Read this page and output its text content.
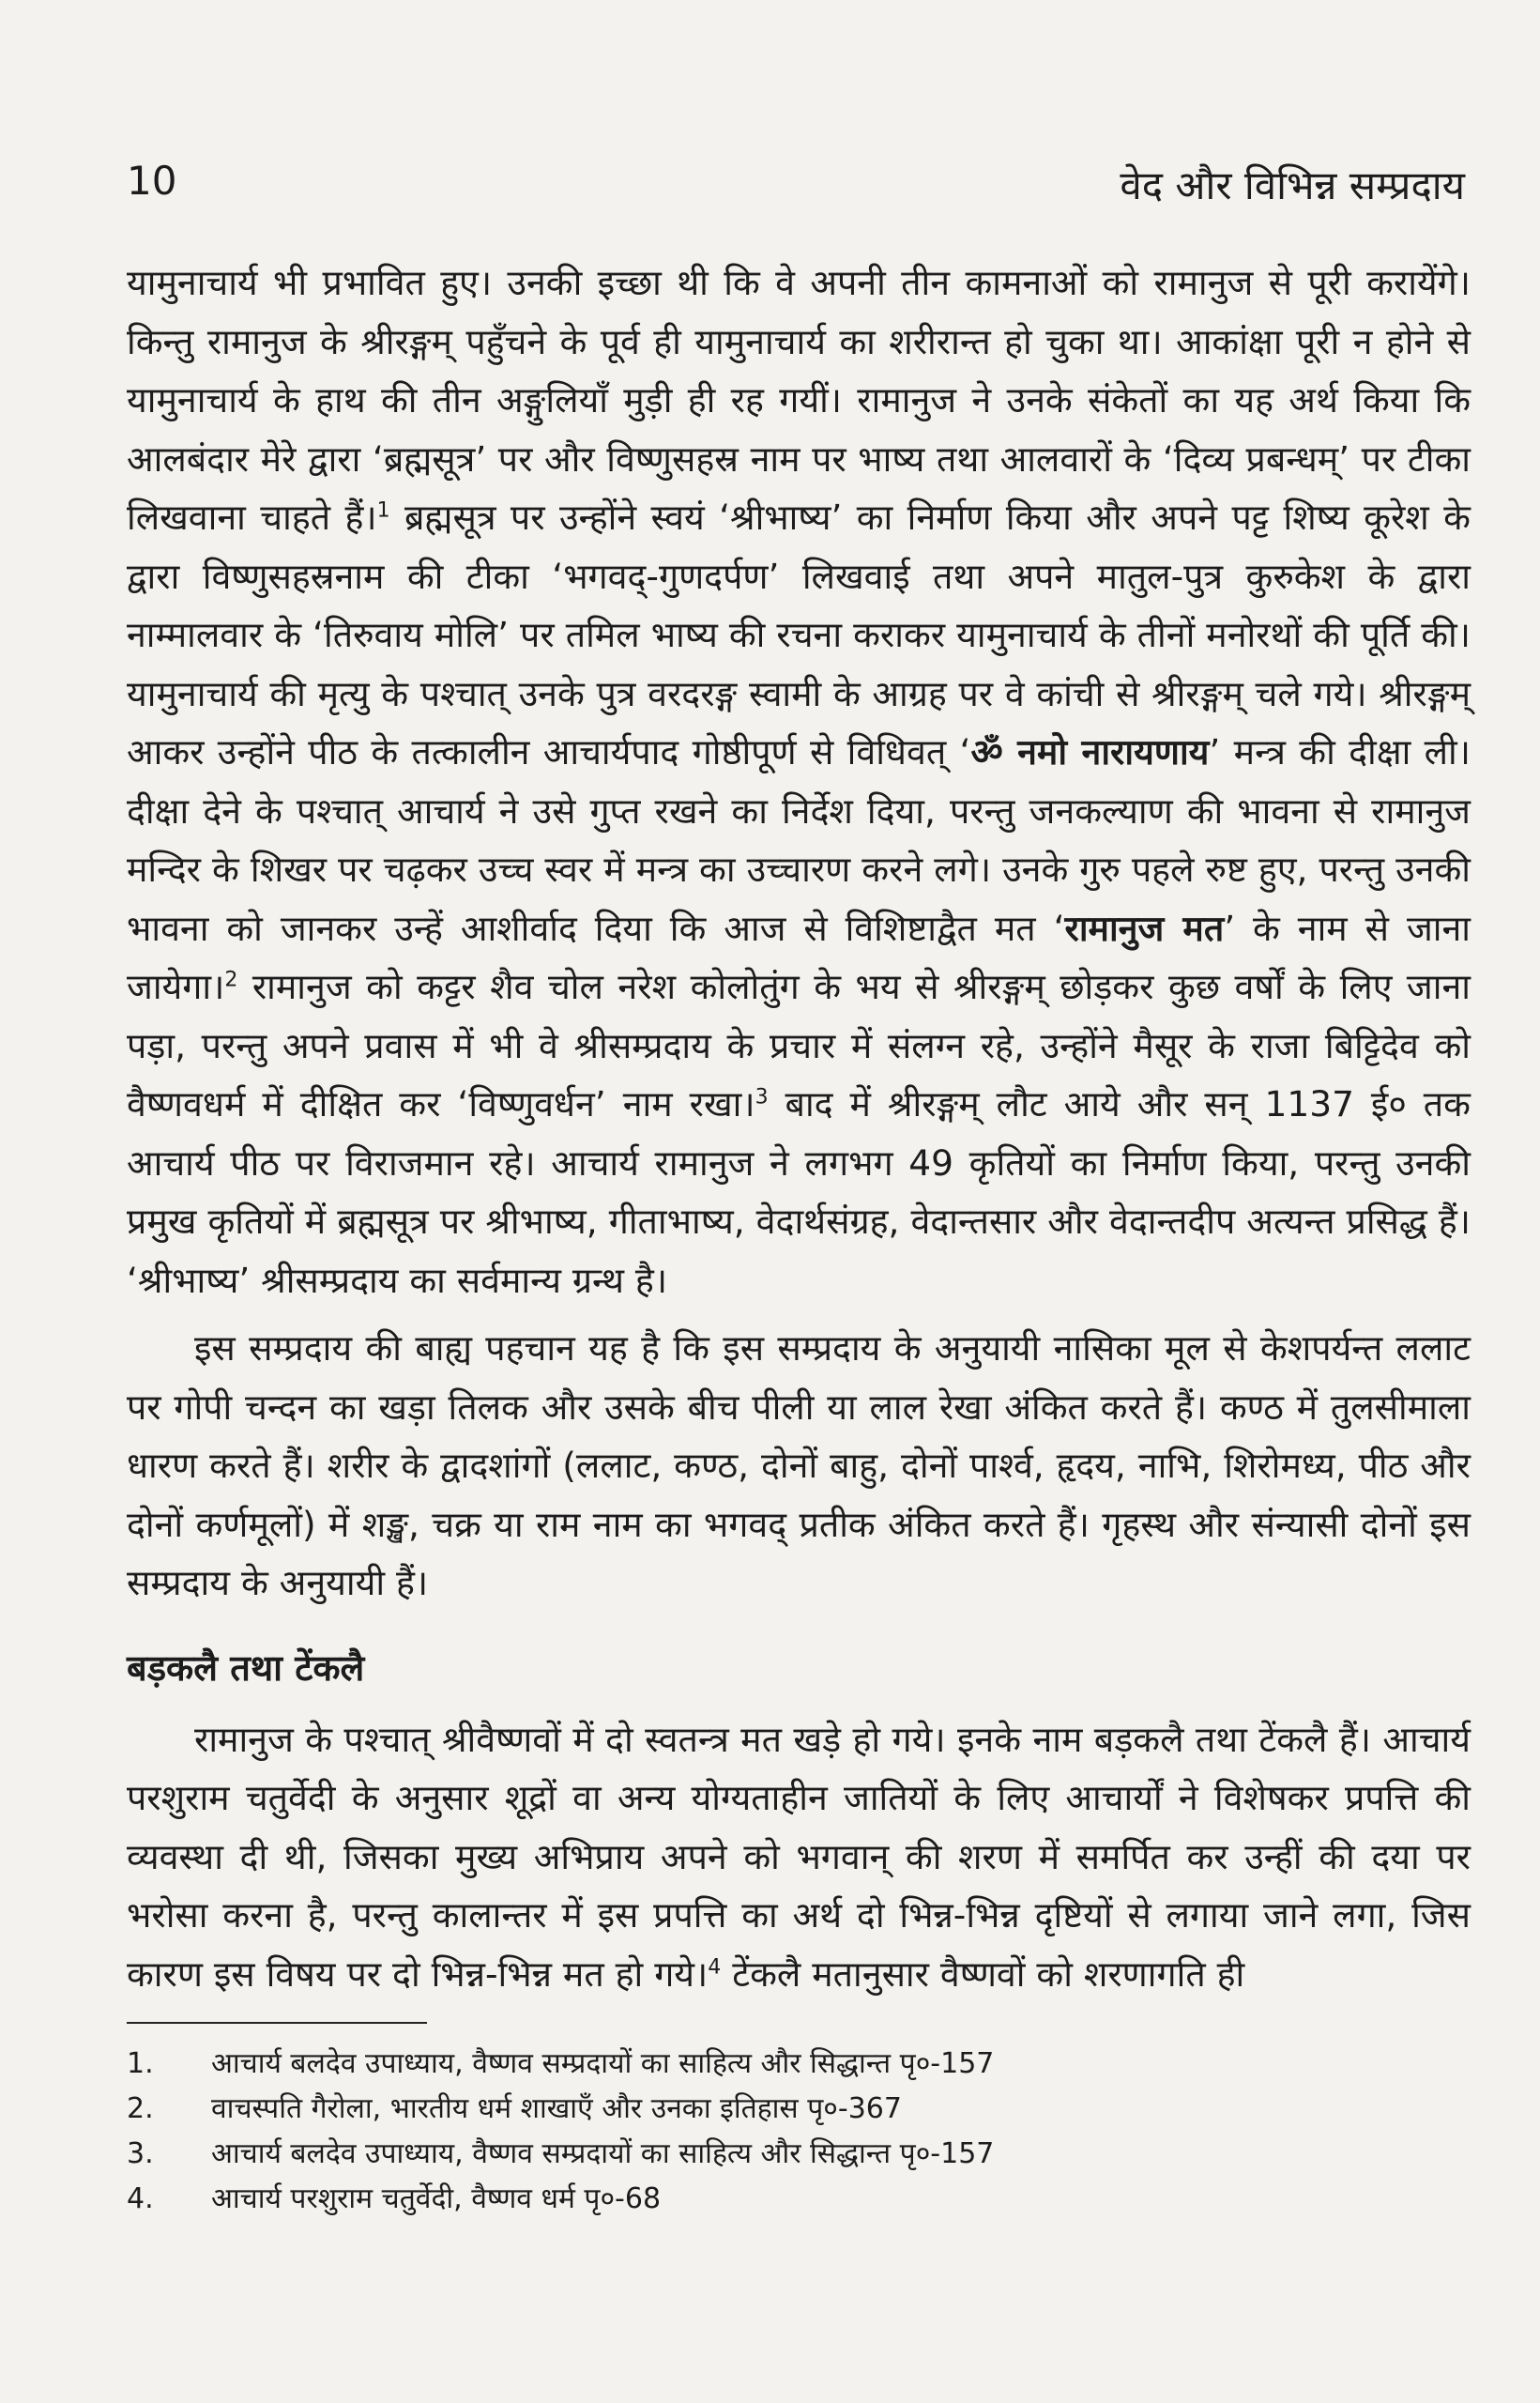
10	वेद और विभिन्न सम्प्रदाय

यामुनाचार्य भी प्रभावित हुए। उनकी इच्छा थी कि वे अपनी तीन कामनाओं को रामानुज से पूरी करायेंगे। किन्तु रामानुज के श्रीरङ्गम् पहुँचने के पूर्व ही यामुनाचार्य का शरीरान्त हो चुका था। आकांक्षा पूरी न होने से यामुनाचार्य के हाथ की तीन अङ्गुलियाँ मुड़ी ही रह गयीं। रामानुज ने उनके संकेतों का यह अर्थ किया कि आलबंदार मेरे द्वारा ‘ब्रह्मसूत्र’ पर और विष्णुसहस्र नाम पर भाष्य तथा आलवारों के ‘दिव्य प्रबन्धम्’ पर टीका लिखवाना चाहते हैं।$^1$ ब्रह्मसूत्र पर उन्होंने स्वयं ‘श्रीभाष्य’ का निर्माण किया और अपने पट्ट शिष्य कूरेश के द्वारा विष्णुसहस्रनाम की टीका ‘भगवद्-गुणदर्पण’ लिखवाई तथा अपने मातुल-पुत्र कुरुकेश के द्वारा नाम्मालवार के ‘तिरुवाय मोलि’ पर तमिल भाष्य की रचना कराकर यामुनाचार्य के तीनों मनोरथों की पूर्ति की। यामुनाचार्य की मृत्यु के पश्चात् उनके पुत्र वरदरङ्ग स्वामी के आग्रह पर वे कांची से श्रीरङ्गम् चले गये। श्रीरङ्गम् आकर उन्होंने पीठ के तत्कालीन आचार्यपाद गोष्ठीपूर्ण से विधिवत् ‘ॐ नमो नारायणाय’ मन्त्र की दीक्षा ली। दीक्षा देने के पश्चात् आचार्य ने उसे गुप्त रखने का निर्देश दिया, परन्तु जनकल्याण की भावना से रामानुज मन्दिर के शिखर पर चढ़कर उच्च स्वर में मन्त्र का उच्चारण करने लगे। उनके गुरु पहले रुष्ट हुए, परन्तु उनकी भावना को जानकर उन्हें आशीर्वाद दिया कि आज से विशिष्टाद्वैत मत ‘रामानुज मत’ के नाम से जाना जायेगा।$^2$ रामानुज को कट्टर शैव चोल नरेश कोलोतुंग के भय से श्रीरङ्गम् छोड़कर कुछ वर्षों के लिए जाना पड़ा, परन्तु अपने प्रवास में भी वे श्रीसम्प्रदाय के प्रचार में संलग्न रहे, उन्होंने मैसूर के राजा बिट्टिदेव को वैष्णवधर्म में दीक्षित कर ‘विष्णुवर्धन’ नाम रखा।$^3$ बाद में श्रीरङ्गम् लौट आये और सन् 1137 ई० तक आचार्य पीठ पर विराजमान रहे। आचार्य रामानुज ने लगभग 49 कृतियों का निर्माण किया, परन्तु उनकी प्रमुख कृतियों में ब्रह्मसूत्र पर श्रीभाष्य, गीताभाष्य, वेदार्थसंग्रह, वेदान्तसार और वेदान्तदीप अत्यन्त प्रसिद्ध हैं। ‘श्रीभाष्य’ श्रीसम्प्रदाय का सर्वमान्य ग्रन्थ है।

इस सम्प्रदाय की बाह्य पहचान यह है कि इस सम्प्रदाय के अनुयायी नासिका मूल से केशपर्यन्त ललाट पर गोपी चन्दन का खड़ा तिलक और उसके बीच पीली या लाल रेखा अंकित करते हैं। कण्ठ में तुलसीमाला धारण करते हैं। शरीर के द्वादशांगों (ललाट, कण्ठ, दोनों बाहु, दोनों पार्श्व, हृदय, नाभि, शिरोमध्य, पीठ और दोनों कर्णमूलों) में शङ्ख, चक्र या राम नाम का भगवद् प्रतीक अंकित करते हैं। गृहस्थ और संन्यासी दोनों इस सम्प्रदाय के अनुयायी हैं।

बड़कलै तथा टेंकलै

रामानुज के पश्चात् श्रीवैष्णवों में दो स्वतन्त्र मत खड़े हो गये। इनके नाम बड़कलै तथा टेंकलै हैं। आचार्य परशुराम चतुर्वेदी के अनुसार शूद्रों वा अन्य योग्यताहीन जातियों के लिए आचार्यों ने विशेषकर प्रपत्ति की व्यवस्था दी थी, जिसका मुख्य अभिप्राय अपने को भगवान् की शरण में समर्पित कर उन्हीं की दया पर भरोसा करना है, परन्तु कालान्तर में इस प्रपत्ति का अर्थ दो भिन्न-भिन्न दृष्टियों से लगाया जाने लगा, जिस कारण इस विषय पर दो भिन्न-भिन्न मत हो गये।$^4$ टेंकलै मतानुसार वैष्णवों को शरणागति ही

1.	आचार्य बलदेव उपाध्याय, वैष्णव सम्प्रदायों का साहित्य और सिद्धान्त पृ०-157
2.	वाचस्पति गैरोला, भारतीय धर्म शाखाएँ और उनका इतिहास पृ०-367
3.	आचार्य बलदेव उपाध्याय, वैष्णव सम्प्रदायों का साहित्य और सिद्धान्त पृ०-157
4.	आचार्य परशुराम चतुर्वेदी, वैष्णव धर्म पृ०-68
